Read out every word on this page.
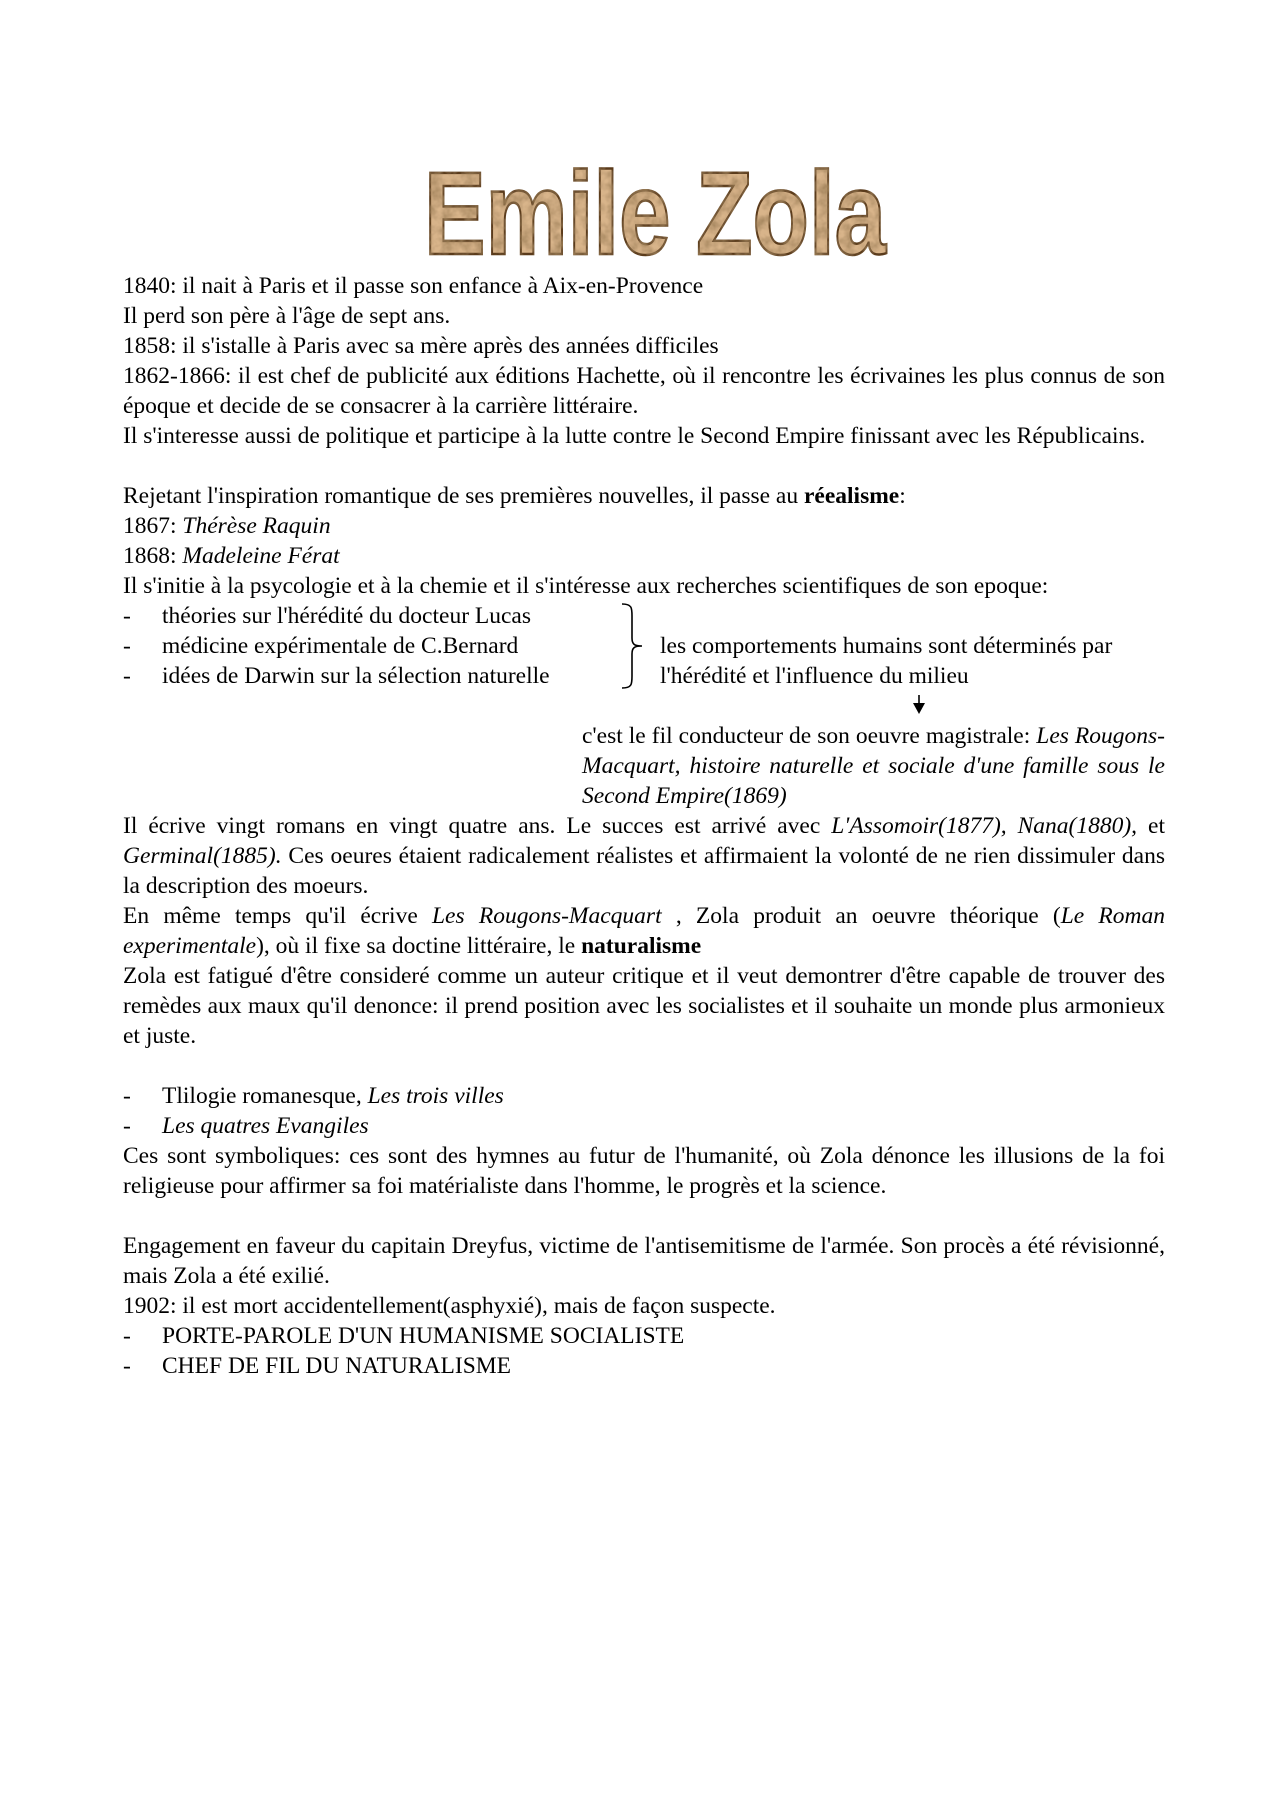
Emile Zola
1840: il nait à Paris et il passe son enfance à Aix-en-Provence
Il perd son père à l'âge de sept ans.
1858: il s'istalle à Paris avec sa mère après des années difficiles
1862-1866: il est chef de publicité aux éditions Hachette, où il rencontre les écrivaines les plus connus de son époque et decide de se consacrer à la carrière littéraire.
Il s'interesse aussi de politique et participe à la lutte contre le Second Empire finissant avec les Républicains.
Rejetant l'inspiration romantique de ses premières nouvelles, il passe au réealisme:
1867: Thérèse Raquin
1868: Madeleine Férat
Il s'initie à la psycologie et à la chemie et il s'intéresse aux recherches scientifiques de son epoque:
- théories sur l'hérédité du docteur Lucas
- médicine expérimentale de C.Bernard
- idées de Darwin sur la sélection naturelle
les comportements humains sont déterminés par
l'hérédité et l'influence du milieu
c'est le fil conducteur de son oeuvre magistrale: Les Rougons-Macquart, histoire naturelle et sociale d'une famille sous le Second Empire(1869)
Il écrive vingt romans en vingt quatre ans. Le succes est arrivé avec L'Assomoir(1877), Nana(1880), et Germinal(1885). Ces oeures étaient radicalement réalistes et affirmaient la volonté de ne rien dissimuler dans la description des moeurs.
En même temps qu'il écrive Les Rougons-Macquart , Zola produit an oeuvre théorique (Le Roman experimentale), où il fixe sa doctine littéraire, le naturalisme
Zola est fatigué d'être consideré comme un auteur critique et il veut demontrer d'être capable de trouver des remèdes aux maux qu'il denonce: il prend position avec les socialistes et il souhaite un monde plus armonieux et juste.
- Tlilogie romanesque, Les trois villes
- Les quatres Evangiles
Ces sont symboliques: ces sont des hymnes au futur de l'humanité, où Zola dénonce les illusions de la foi religieuse pour affirmer sa foi matérialiste dans l'homme, le progrès et la science.
Engagement en faveur du capitain Dreyfus, victime de l'antisemitisme de l'armée. Son procès a été révisionné, mais Zola a été exilié.
1902: il est mort accidentellement(asphyxié), mais de façon suspecte.
- PORTE-PAROLE D'UN HUMANISME SOCIALISTE
- CHEF DE FIL DU NATURALISME
